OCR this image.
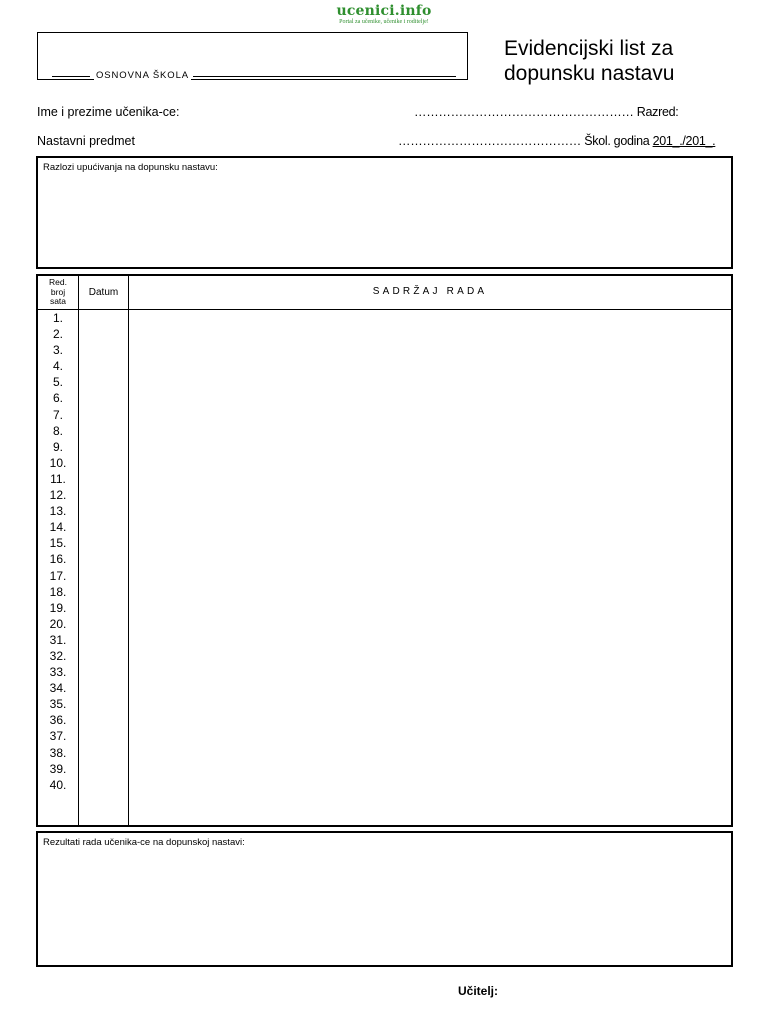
ucenici.info
Portal za učenike, učenike i roditelje!
OSNOVNA ŠKOLA
Evidencijski list za
dopunsku nastavu
Ime i prezime učenika-ce:	……………………………………………… Razred:
Nastavni predmet	……………………………………… Škol. godina 201_./201_.
Razlozi upućivanja na dopunsku nastavu:
Red.
broj
sata
Datum	SADRŽAJ RADA
1.
2.
3.
4.
5.
6.
7.
8.
9.
10.
11.
12.
13.
14.
15.
16.
17.
18.
19.
20.
31.
32.
33.
34.
35.
36.
37.
38.
39.
40.
Rezultati rada učenika-ce na dopunskoj nastavi:
Učitelj:
